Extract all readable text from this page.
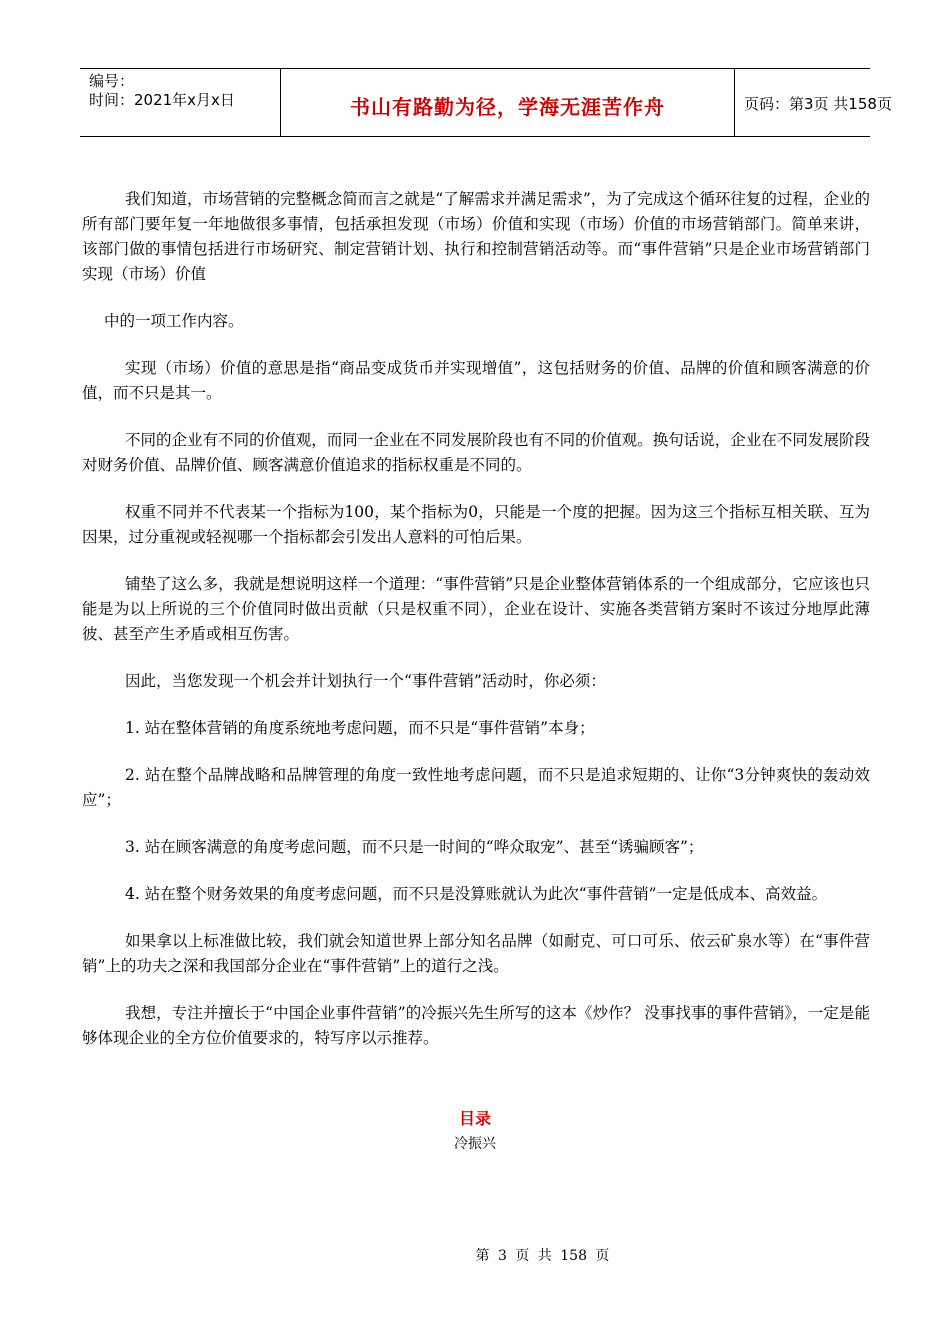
编号：
时间：2021年x月x日	书山有路勤为径，学海无涯苦作舟	页码：第3页 共158页

我们知道，市场营销的完整概念简而言之就是“了解需求并满足需求”，为了完成这个循环往复的过程，企业的所有部门要年复一年地做很多事情，包括承担发现（市场）价值和实现（市场）价值的市场营销部门。简单来讲，该部门做的事情包括进行市场研究、制定营销计划、执行和控制营销活动等。而“事件营销”只是企业市场营销部门实现（市场）价值

中的一项工作内容。

实现（市场）价值的意思是指“商品变成货币并实现增值”，这包括财务的价值、品牌的价值和顾客满意的价值，而不只是其一。

不同的企业有不同的价值观，而同一企业在不同发展阶段也有不同的价值观。换句话说，企业在不同发展阶段对财务价值、品牌价值、顾客满意价值追求的指标权重是不同的。

权重不同并不代表某一个指标为100，某个指标为0，只能是一个度的把握。因为这三个指标互相关联、互为因果，过分重视或轻视哪一个指标都会引发出人意料的可怕后果。

铺垫了这么多，我就是想说明这样一个道理：“事件营销”只是企业整体营销体系的一个组成部分，它应该也只能是为以上所说的三个价值同时做出贡献（只是权重不同），企业在设计、实施各类营销方案时不该过分地厚此薄彼、甚至产生矛盾或相互伤害。

因此，当您发现一个机会并计划执行一个“事件营销”活动时，你必须：

1. 站在整体营销的角度系统地考虑问题，而不只是“事件营销”本身；

2. 站在整个品牌战略和品牌管理的角度一致性地考虑问题，而不只是追求短期的、让你“3分钟爽快的轰动效应”；

3. 站在顾客满意的角度考虑问题，而不只是一时间的“哗众取宠”、甚至“诱骗顾客”；

4. 站在整个财务效果的角度考虑问题，而不只是没算账就认为此次“事件营销”一定是低成本、高效益。

如果拿以上标准做比较，我们就会知道世界上部分知名品牌（如耐克、可口可乐、依云矿泉水等）在“事件营销”上的功夫之深和我国部分企业在“事件营销”上的道行之浅。

我想，专注并擅长于“中国企业事件营销”的冷振兴先生所写的这本《炒作？ 没事找事的事件营销》，一定是能够体现企业的全方位价值要求的，特写序以示推荐。

目录
冷振兴
第 3 页 共 158 页
